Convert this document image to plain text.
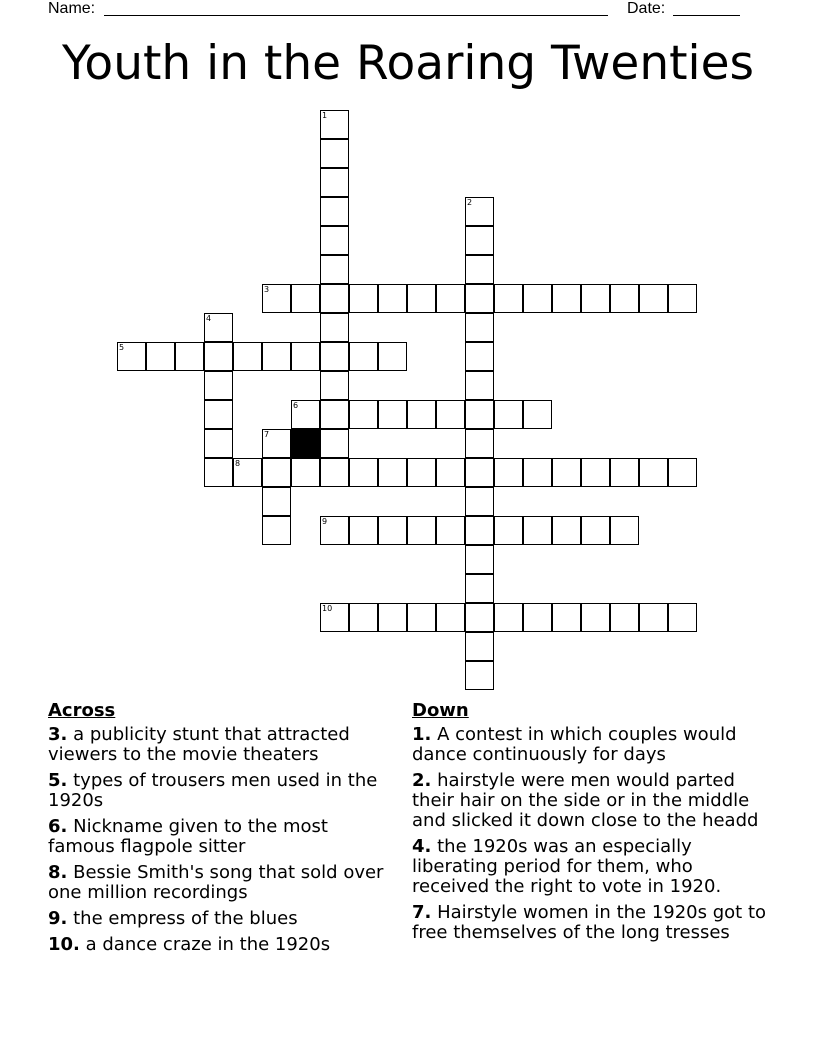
Name:	Date:
Youth in the Roaring Twenties
1
2
3
4
5
6
7
8
9
10
Across
3. a publicity stunt that attracted viewers to the movie theaters
5. types of trousers men used in the 1920s
6. Nickname given to the most famous flagpole sitter
8. Bessie Smith's song that sold over one million recordings
9. the empress of the blues
10. a dance craze in the 1920s
Down
1. A contest in which couples would dance continuously for days
2. hairstyle were men would parted their hair on the side or in the middle and slicked it down close to the headd
4. the 1920s was an especially liberating period for them, who received the right to vote in 1920.
7. Hairstyle women in the 1920s got to free themselves of the long tresses
